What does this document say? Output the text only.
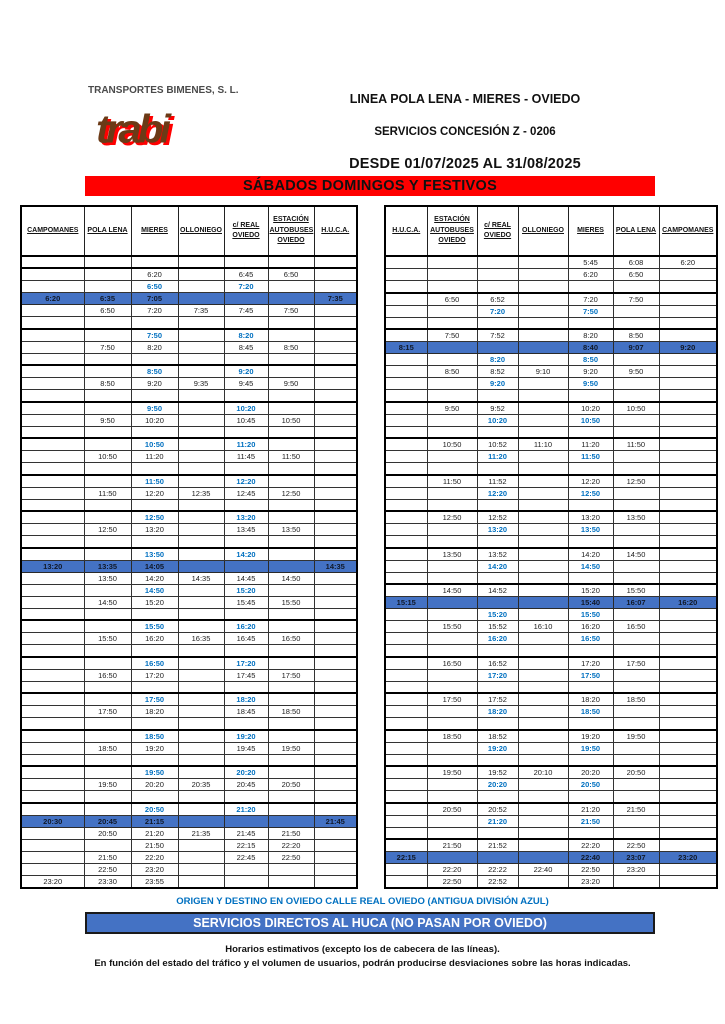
TRANSPORTES BIMENES, S. L.
trabi
LINEA POLA LENA - MIERES - OVIEDO
SERVICIOS CONCESIÓN Z - 0206
DESDE 01/07/2025 AL 31/08/2025
SÁBADOS DOMINGOS Y FESTIVOS
CAMPOMANES	POLA LENA	MIERES	OLLONIEGO	c/ REAL OVIEDO	ESTACIÓN AUTOBUSES OVIEDO	H.U.C.A.

		6:20		6:45	6:50	
		6:50		7:20		
6:20	6:35	7:05				7:35
	6:50	7:20	7:35	7:45	7:50	

		7:50		8:20		
	7:50	8:20		8:45	8:50	

		8:50		9:20		
	8:50	9:20	9:35	9:45	9:50	

		9:50		10:20		
	9:50	10:20		10:45	10:50	

		10:50		11:20		
	10:50	11:20		11:45	11:50	

		11:50		12:20		
	11:50	12:20	12:35	12:45	12:50	

		12:50		13:20		
	12:50	13:20		13:45	13:50	

		13:50		14:20		
13:20	13:35	14:05				14:35
	13:50	14:20	14:35	14:45	14:50	
		14:50		15:20		
	14:50	15:20		15:45	15:50	

		15:50		16:20		
	15:50	16:20	16:35	16:45	16:50	

		16:50		17:20		
	16:50	17:20		17:45	17:50	

		17:50		18:20		
	17:50	18:20		18:45	18:50	

		18:50		19:20		
	18:50	19:20		19:45	19:50	

		19:50		20:20		
	19:50	20:20	20:35	20:45	20:50	

		20:50		21:20		
20:30	20:45	21:15				21:45
	20:50	21:20	21:35	21:45	21:50	
		21:50		22:15	22:20	
	21:50	22:20		22:45	22:50	
	22:50	23:20				
23:20	23:30	23:55				
H.U.C.A.	ESTACIÓN AUTOBUSES OVIEDO	c/ REAL OVIEDO	OLLONIEGO	MIERES	POLA LENA	CAMPOMANES
				5:45	6:08	6:20
				6:20	6:50	

	6:50	6:52		7:20	7:50	
		7:20		7:50		

	7:50	7:52		8:20	8:50	
8:15				8:40	9:07	9:20
		8:20		8:50		
	8:50	8:52	9:10	9:20	9:50	
		9:20		9:50		

	9:50	9:52		10:20	10:50	
		10:20		10:50		

	10:50	10:52	11:10	11:20	11:50	
		11:20		11:50		

	11:50	11:52		12:20	12:50	
		12:20		12:50		

	12:50	12:52		13:20	13:50	
		13:20		13:50		

	13:50	13:52		14:20	14:50	
		14:20		14:50		

	14:50	14:52		15:20	15:50	
15:15				15:40	16:07	16:20
		15:20		15:50		
	15:50	15:52	16:10	16:20	16:50	
		16:20		16:50		

	16:50	16:52		17:20	17:50	
		17:20		17:50		

	17:50	17:52		18:20	18:50	
		18:20		18:50		

	18:50	18:52		19:20	19:50	
		19:20		19:50		

	19:50	19:52	20:10	20:20	20:50	
		20:20		20:50		

	20:50	20:52		21:20	21:50	
		21:20		21:50		

	21:50	21:52		22:20	22:50	
22:15				22:40	23:07	23:20
	22:20	22:22	22:40	22:50	23:20	
	22:50	22:52		23:20		
ORIGEN Y DESTINO EN OVIEDO CALLE REAL OVIEDO (ANTIGUA DIVISIÓN AZUL)
SERVICIOS DIRECTOS AL HUCA (NO PASAN POR OVIEDO)
Horarios estimativos (excepto los de cabecera de las líneas).
En función del estado del tráfico y el volumen de usuarios, podrán producirse desviaciones sobre las horas indicadas.
